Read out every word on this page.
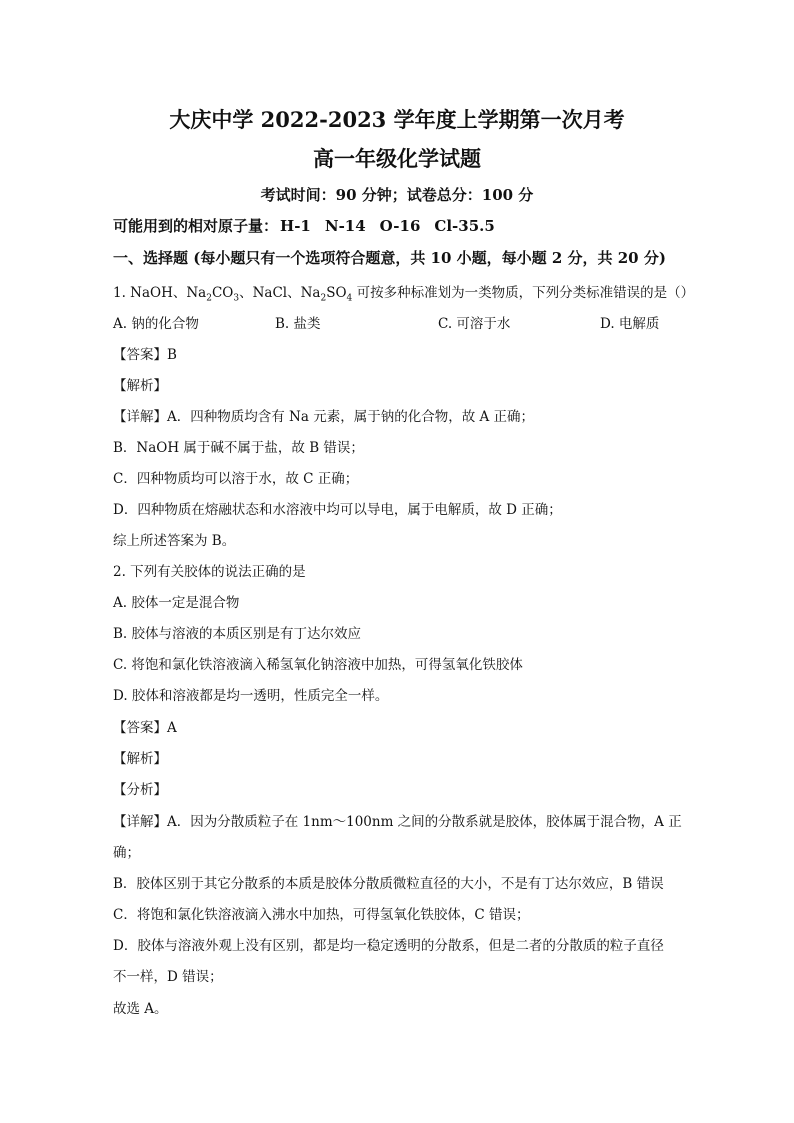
大庆中学 2022-2023 学年度上学期第一次月考
高一年级化学试题
考试时间：90 分钟；试卷总分：100 分
可能用到的相对原子量： H-1 N-14 O-16 Cl-35.5
一、选择题 (每小题只有一个选项符合题意，共 10 小题，每小题 2 分，共 20 分)
1. NaOH、$Na_2CO_3$、NaCl、$Na_2SO_4$ 可按多种标准划为一类物质，下列分类标准错误的是（）
A. 钠的化合物	B. 盐类	C. 可溶于水	D. 电解质
【答案】B
【解析】
【详解】A．四种物质均含有 Na 元素，属于钠的化合物，故 A 正确；
B．NaOH 属于碱不属于盐，故 B 错误；
C．四种物质均可以溶于水，故 C 正确；
D．四种物质在熔融状态和水溶液中均可以导电，属于电解质，故 D 正确；
综上所述答案为 B。
2. 下列有关胶体的说法正确的是
A. 胶体一定是混合物
B. 胶体与溶液的本质区别是有丁达尔效应
C. 将饱和氯化铁溶液滴入稀氢氧化钠溶液中加热，可得氢氧化铁胶体
D. 胶体和溶液都是均一透明，性质完全一样。
【答案】A
【解析】
【分析】
【详解】A．因为分散质粒子在 1nm～100nm 之间的分散系就是胶体，胶体属于混合物，A 正
确；
B．胶体区别于其它分散系的本质是胶体分散质微粒直径的大小，不是有丁达尔效应，B 错误
C．将饱和氯化铁溶液滴入沸水中加热，可得氢氧化铁胶体，C 错误；
D．胶体与溶液外观上没有区别，都是均一稳定透明的分散系，但是二者的分散质的粒子直径
不一样，D 错误；
故选 A。
